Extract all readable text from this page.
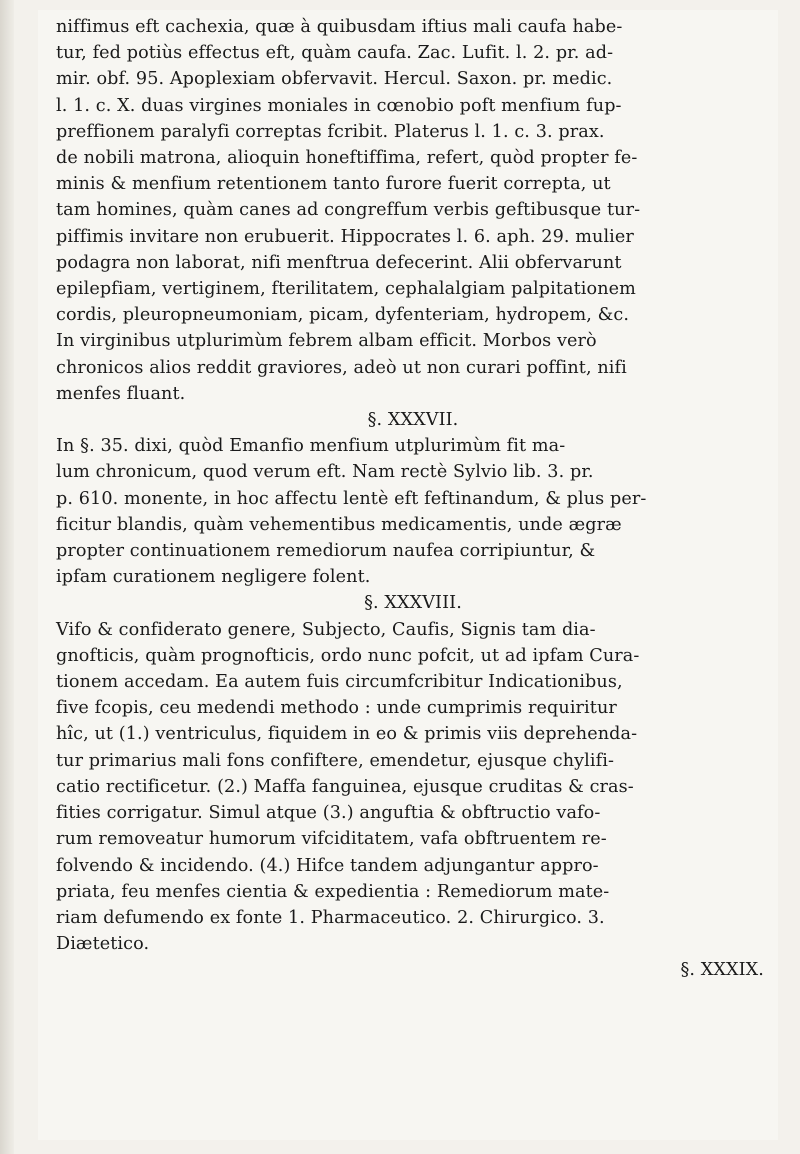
niffimus eft cachexia, quæ à quibusdam iftius mali caufa habe-
tur, fed potiùs effectus eft, quàm caufa. Zac. Lufit. l. 2. pr. ad-
mir. obf. 95. Apoplexiam obfervavit. Hercul. Saxon. pr. medic.
l. 1. c. X. duas virgines moniales in cœnobio poft menfium fup-
preffionem paralyfi correptas fcribit. Platerus l. 1. c. 3. prax.
de nobili matrona, alioquin honeftiffima, refert, quòd propter fe-
minis & menfium retentionem tanto furore fuerit correpta, ut
tam homines, quàm canes ad congreffum verbis geftibusque tur-
piffimis invitare non erubuerit. Hippocrates l. 6. aph. 29. mulier
podagra non laborat, nifi menftrua defecerint. Alii obfervarunt
epilepfiam, vertiginem, fterilitatem, cephalalgiam palpitationem
cordis, pleuropneumoniam, picam, dyfenteriam, hydropem, &c.
In virginibus utplurimùm febrem albam efficit. Morbos verò
chronicos alios reddit graviores, adeò ut non curari poffint, nifi
menfes fluant.
§. XXXVII.
In §. 35. dixi, quòd Emanfio menfium utplurimùm fit ma-
lum chronicum, quod verum eft. Nam rectè Sylvio lib. 3. pr.
p. 610. monente, in hoc affectu lentè eft feftinandum, & plus per-
ficitur blandis, quàm vehementibus medicamentis, unde ægræ
propter continuationem remediorum naufea corripiuntur, &
ipfam curationem negligere folent.
§. XXXVIII.
Vifo & confiderato genere, Subjecto, Caufis, Signis tam dia-
gnofticis, quàm prognofticis, ordo nunc pofcit, ut ad ipfam Cura-
tionem accedam. Ea autem fuis circumfcribitur Indicationibus,
five fcopis, ceu medendi methodo : unde cumprimis requiritur
hîc, ut (1.) ventriculus, fiquidem in eo & primis viis deprehenda-
tur primarius mali fons confiftere, emendetur, ejusque chylifi-
catio rectificetur. (2.) Maffa fanguinea, ejusque cruditas & cras-
fities corrigatur. Simul atque (3.) anguftia & obftructio vafo-
rum removeatur humorum vifciditatem, vafa obftruentem re-
folvendo & incidendo. (4.) Hifce tandem adjungantur appro-
priata, feu menfes cientia & expedientia : Remediorum mate-
riam defumendo ex fonte 1. Pharmaceutico. 2. Chirurgico. 3.
Diætetico.
§. XXXIX.
